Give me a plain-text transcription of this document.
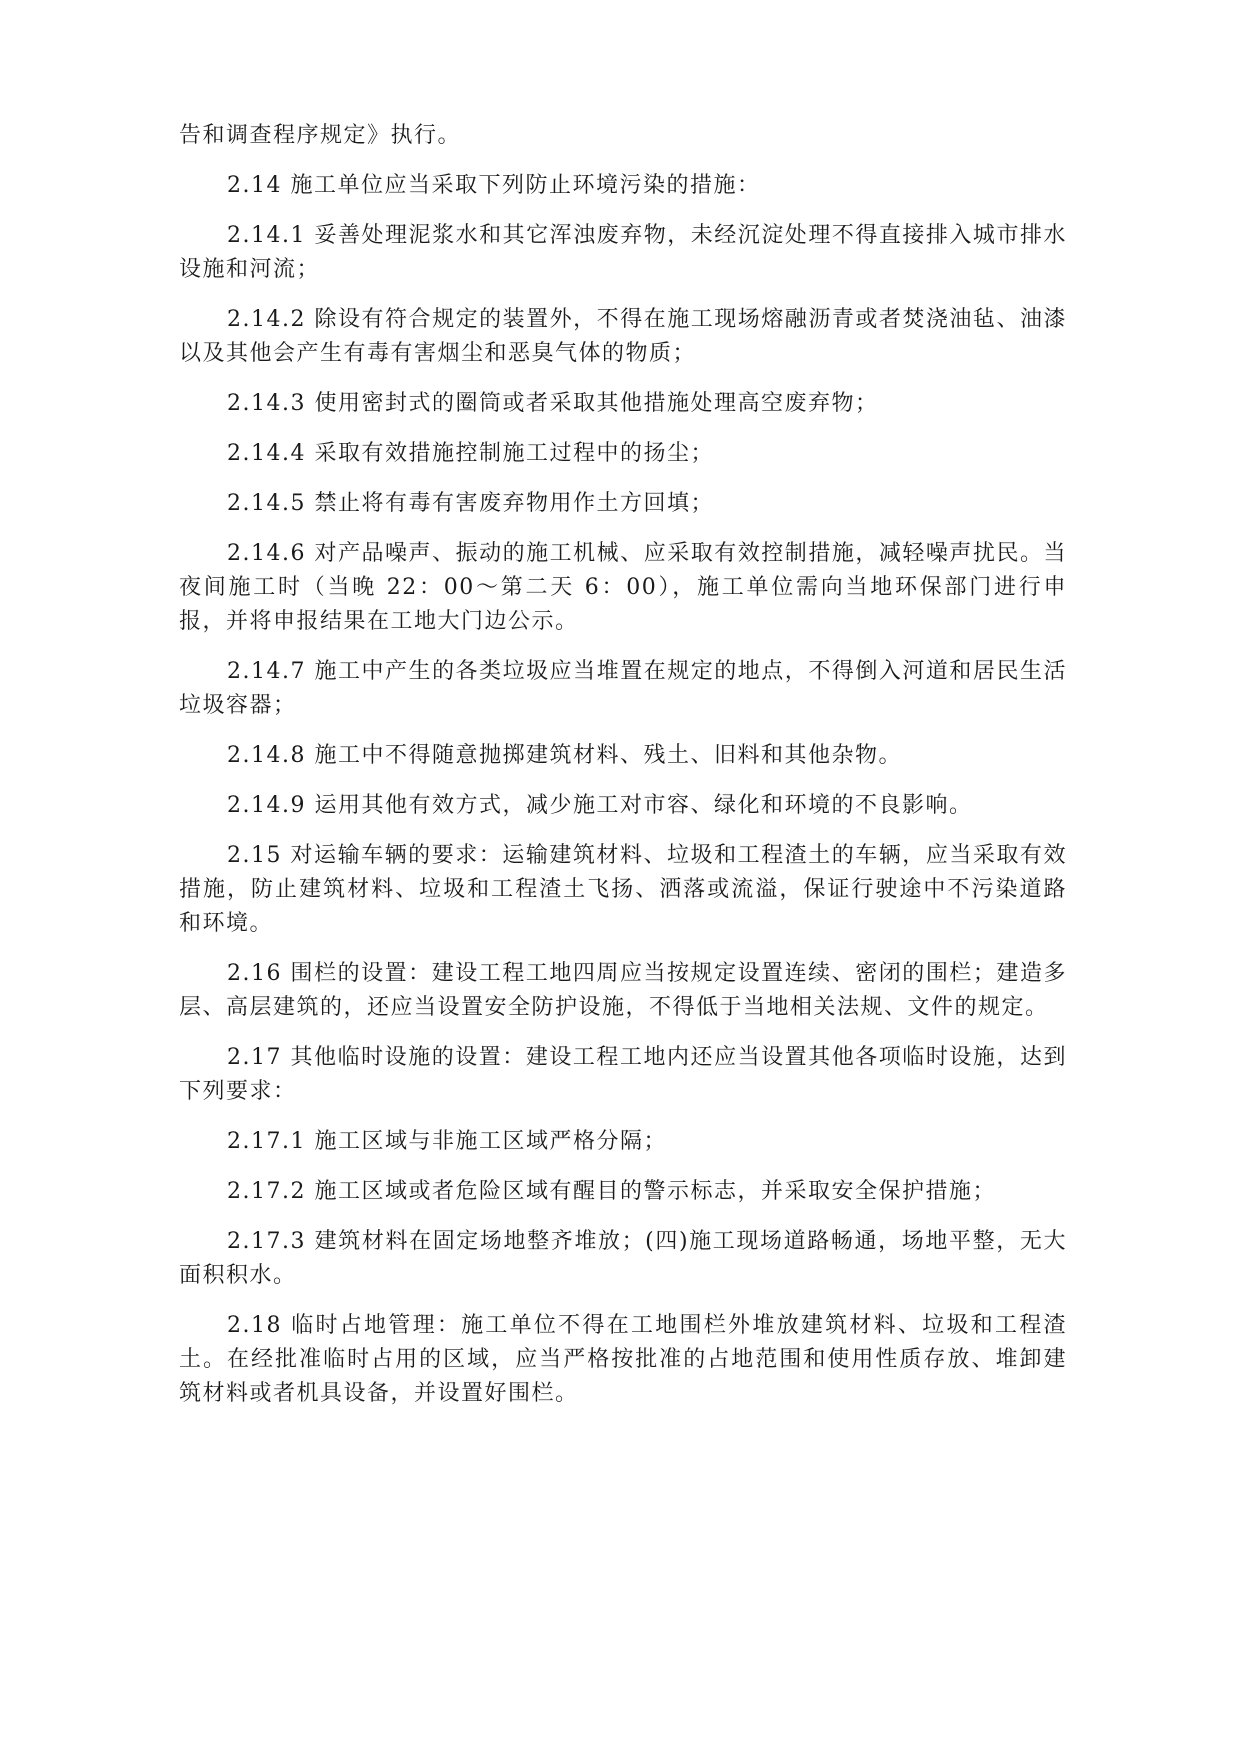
告和调查程序规定》执行。

2.14 施工单位应当采取下列防止环境污染的措施：

2.14.1 妥善处理泥浆水和其它浑浊废弃物，未经沉淀处理不得直接排入城市排水设施和河流；

2.14.2 除设有符合规定的装置外，不得在施工现场熔融沥青或者焚浇油毡、油漆以及其他会产生有毒有害烟尘和恶臭气体的物质；

2.14.3 使用密封式的圈筒或者采取其他措施处理高空废弃物；

2.14.4 采取有效措施控制施工过程中的扬尘；

2.14.5 禁止将有毒有害废弃物用作土方回填；

2.14.6 对产品噪声、振动的施工机械、应采取有效控制措施，减轻噪声扰民。当夜间施工时（当晚 22：00～第二天 6：00），施工单位需向当地环保部门进行申报，并将申报结果在工地大门边公示。

2.14.7 施工中产生的各类垃圾应当堆置在规定的地点，不得倒入河道和居民生活垃圾容器；

2.14.8 施工中不得随意抛掷建筑材料、残土、旧料和其他杂物。

2.14.9 运用其他有效方式，减少施工对市容、绿化和环境的不良影响。

2.15 对运输车辆的要求：运输建筑材料、垃圾和工程渣土的车辆，应当采取有效措施，防止建筑材料、垃圾和工程渣土飞扬、洒落或流溢，保证行驶途中不污染道路和环境。

2.16 围栏的设置：建设工程工地四周应当按规定设置连续、密闭的围栏；建造多层、高层建筑的，还应当设置安全防护设施，不得低于当地相关法规、文件的规定。

2.17 其他临时设施的设置：建设工程工地内还应当设置其他各项临时设施，达到下列要求：

2.17.1 施工区域与非施工区域严格分隔；

2.17.2 施工区域或者危险区域有醒目的警示标志，并采取安全保护措施；

2.17.3 建筑材料在固定场地整齐堆放；(四)施工现场道路畅通，场地平整，无大面积积水。

2.18 临时占地管理：施工单位不得在工地围栏外堆放建筑材料、垃圾和工程渣土。在经批准临时占用的区域，应当严格按批准的占地范围和使用性质存放、堆卸建筑材料或者机具设备，并设置好围栏。
